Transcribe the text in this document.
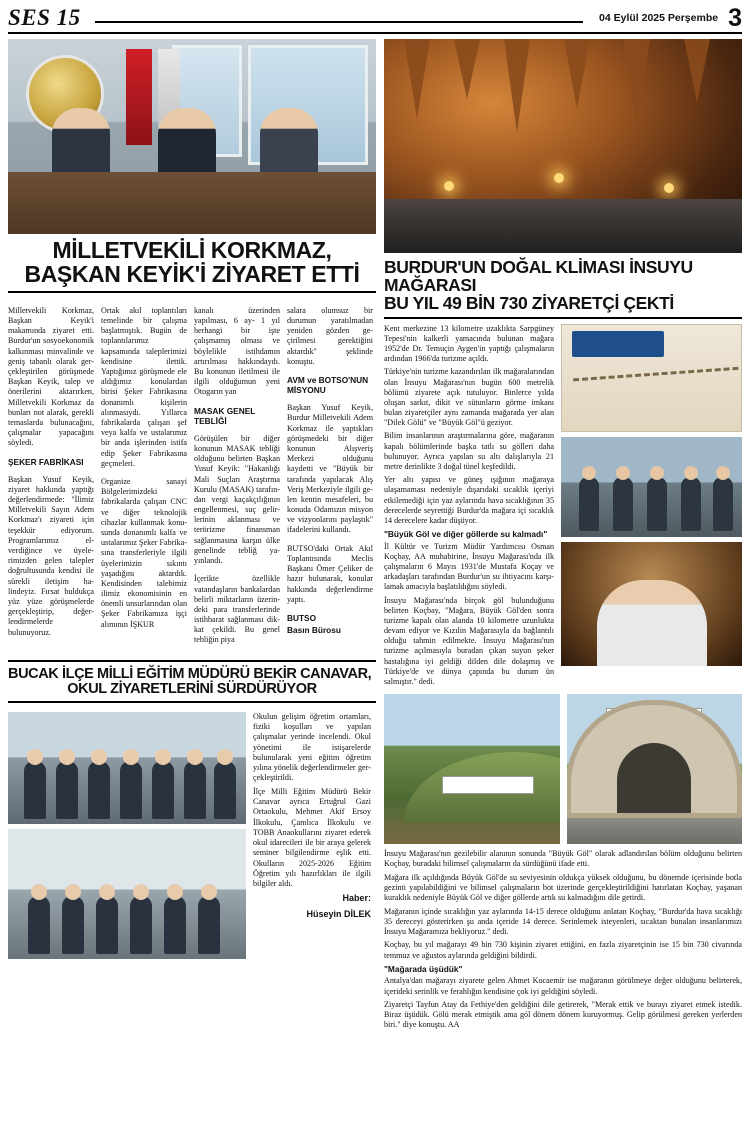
SES 15	04 Eylül 2025 Perşembe 3
MİLLETVEKİLİ KORKMAZ,
BAŞKAN KEYİK'İ ZİYARET ETTİ

Milletvekili Korkmaz, Başkan Keyik'i makamında ziyaret etti. Burdur'un sosyoekonomik kalkınması minvalinde ve geniş tabanlı olarak gerçekleştirilen görüşmede Başkan Keyik, talep ve önerilerini aktarırken, Milletvekili Korkmaz da bunları not alarak, gerekli temaslarda bulunacağını, çalışmalar yapacağını söyledi.

ŞEKER FABRİKASI

Başkan Yusuf Keyik, ziyaret hakkında yaptığı değerlendirmede: "İlimiz Milletvekili Sayın Adem Korkmaz'ı ziyareti için teşekkür ediyorum. Programlarımız elverdiğince ve üyelerimizden gelen talepler doğrultusunda kendisi ile sürekli iletişim halindeyiz. Fırsat buldukça yüz yüze görüşmelerde gerçekleştirip, değerlendirmelerde bulunuyoruz.

Ortak akıl toplantıları temelinde bir çalışma başlatmıştık. Bugün de toplantılarımız kapsamında taleplerimizi kendisine ilettik. Yaptığımız görüşmede ele aldığımız konulardan birisi Şeker Fabrikasına donanımlı kişilerin alınmasıydı. Yıllarca fabrikalarda çalışan şef veya kalfa ve ustalarımız bir anda işlerinden istifa edip Şeker Fabrikasına geçmeleri.

Organize sanayi Bölgelerimizdeki fabrikalarda çalışan CNC ve diğer teknolojik cihazlar kullanmak konusunda donanımlı kalfa ve ustalarımız Şeker Fabrikasına transferleriyle ilgili üyelerimizin sıkıntı yaşadığını aktardık. Kendisinden talebimiz ilimiz ekonomisinin en önemli unsurlarından olan Şeker Fabrikamıza işçi alımının İŞKUR

kanalı üzerinden yapılması, 6 ay- 1 yıl herhangi bir işte çalışmamış olması ve böylelikle istihdamın artırılması hakkındaydı. Bu konunun iletilmesi ile ilgili olduğumun yeni Otogarın yan

MASAK GENEL TEBLİĞİ

Görüşülen bir diğer konunun MASAK tebliği olduğunu belirten Başkan Yusuf Keyik: "Hakanlığı Mali Suçları Araştırma Kurulu (MASAK) tarafından vergi kaçakçılığının engellenmesi, suç gelirlerinin aklanması ve terörizme finansman sağlanmasına karşın ülke genelinde tebliğ yayınlandı.

İçerikte özellikle vatandaşların bankalardan belirli miktarların üzerindeki para transferlerinde istihbarat sağlanması dikkat çekildi. Bu genel tebliğin piya

salara olumsuz bir durumun yaratılmadan yeniden gözden geçirilmesi gerektiğini aktardık" şeklinde konuştu.

AVM ve BOTSO'NUN MİSYONU

Başkan Yusuf Keyik, Burdur Milletvekili Adem Korkmaz ile yaptıkları görüşmedeki bir diğer konunun Alışveriş Merkezi olduğunu kaydetti ve "Büyük bir tarafında yapılacak Alış Veriş Merkeziyle ilgili gelen kentin mesafeleri, bu konuda Odamızın misyon ve vizyonlarını paylaştık" ifadelerini kullandı.

BUTSO'daki Ortak Akıl Toplantısında Meclis Başkanı Ömer Çeliker de hazır bulunarak, konular hakkında değerlendirme yaptı.

BUTSO
Basın Bürosu
BUCAK İLÇE MİLLİ EĞİTİM MÜDÜRÜ BEKİR CANAVAR,
OKUL ZİYARETLERİNİ SÜRDÜRÜYOR

Okulun gelişim öğretim ortamları, fiziki koşulları ve yapılan çalışmalar yerinde incelendi. Okul yönetimi ile istişarelerde bulunularak yeni eğitim öğretim yılına yönelik değerlendirmeler gerçekleştirildi.

İlçe Milli Eğitim Müdürü Bekir Canavar ayrıca Ertuğrul Gazi Ortaokulu, Mehmet Akif Ersoy İlkokulu, Çamlıca İlkokulu ve TOBB Anaokullarını ziyaret ederek okul idarecileri ile bir araya gelerek seminer bilgilendirme eşlik etti. Okulların 2025-2026 Eğitim Öğretim yılı hazırlıkları ile ilgili bilgiler aldı.

Haber:
Hüseyin DİLEK
BURDUR'UN DOĞAL KLİMASI İNSUYU MAĞARASI
BU YIL 49 BİN 730 ZİYARETÇİ ÇEKTİ

Kent merkezine 13 kilometre uzaklıkta Sarpgüney Tepesi'nin kalkerli yamacında bulunan mağara 1952'de Dr. Temuçin Aygen'in yaptığı çalışmaların ardından 1966'da turizme açıldı.

Türkiye'nin turizme kazandırılan ilk mağaralarından olan İnsuyu Mağarası'nın bugün 600 metrelik bölümü ziyarete açık tutuluyor. Binlerce yılda oluşan sarkıt, dikit ve sütunların görme imkanı bulan ziyaretçiler aynı zamanda mağarada yer alan "Dilek Gölü" ve "Büyük Göl"ü geziyor.

Bilim insanlarının araştırmalarına göre, mağaranın kapalı bölümlerinde başka tatlı su gölleri daha bulunuyor. Ayrıca yapılan su altı dalışlarıyla 21 metre derinlikte 3 doğal tünel keşfedildi.

Yer altı yapısı ve güneş ışığının mağaraya ulaşamaması nedeniyle dışarıdaki sıcaklık içeriyi etkilemediği için yaz aylarında hava sıcaklığının 35 derecelerde seyrettiği Burdur'da mağara içi sıcaklık 14 derecelere kadar düşüyor.

"Büyük Göl ve diğer göllerde su kalmadı"

İl Kültür ve Turizm Müdür Yardımcısı Osman Koçbay, AA muhabirine, İnsuyu Mağarası'nda ilk çalışmaların 6 Mayıs 1931'de Mustafa Koçay ve arkadaşları tarafından Burdur'un su ihtiyacını karşılamak amacıyla başlatıldığını söyledi.

İnsuyu Mağarası'nda birçok göl bulunduğunu belirten Koçbay, "Mağara, Büyük Göl'den sonra turizme kapalı olan alanda 10 kilometre uzunlukta devam ediyor ve Kızılin Mağarasıyla da bağlantılı olduğu tahmin edilmekte. İnsuyu Mağarası'nın turizme açılmasıyla buradan çıkan suyun şeker hastalığına iyi geldiği dilden dile dolaşmış ve Türkiye'de ve dünya çapında bu durum ün salmıştır." dedi.

İnsuyu Mağarası'nın gezilebilir alanının sonunda "Büyük Göl" olarak adlandırılan bölüm olduğunu belirten Koçbay, buradaki bilimsel çalışmaların da sürdüğünü ifade etti.

Mağara ilk açıldığında Büyük Göl'de su seviyesinin oldukça yüksek olduğunu, bu dönemde içerisinde botla gezinti yapılabildiğini ve bilimsel çalışmaların bot üzerinde gerçekleştirildiğini hatırlatan Koçbay, yaşanan kuraklık nedeniyle Büyük Göl ve diğer göllerde artık su kalmadığını dile getirdi.

Mağaranın içinde sıcaklığın yaz aylarında 14-15 derece olduğunu anlatan Koçbay, "Burdur'da hava sıcaklığı 35 dereceyi gösterirken şu anda içeride 14 derece. Serinlemek isteyenleri, sıcaktan bunalan insanlarımızı İnsuyu Mağaramıza bekliyoruz." dedi.

Koçbay, bu yıl mağarayı 49 bin 730 kişinin ziyaret ettiğini, en fazla ziyaretçinin ise 15 bin 730 civarında temmuz ve ağustos aylarında geldiğini bildirdi.

"Mağarada üşüdük"

Antalya'dan mağarayı ziyarete gelen Ahmet Kocaemir ise mağaranın görülmeye değer olduğunu belirterek, içerideki serinlik ve ferahlığın kendisine çok iyi geldiğini söyledi.

Ziyaretçi Tayfun Atay da Fethiye'den geldiğini dile getirerek, "Merak ettik ve burayı ziyaret etmek istedik. Biraz üşüdük. Gölü merak etmiştik ama gól dönem dönem kuruyormuş. Gelip görülmesi gereken yerlerden biri." diye konuştu. AA
